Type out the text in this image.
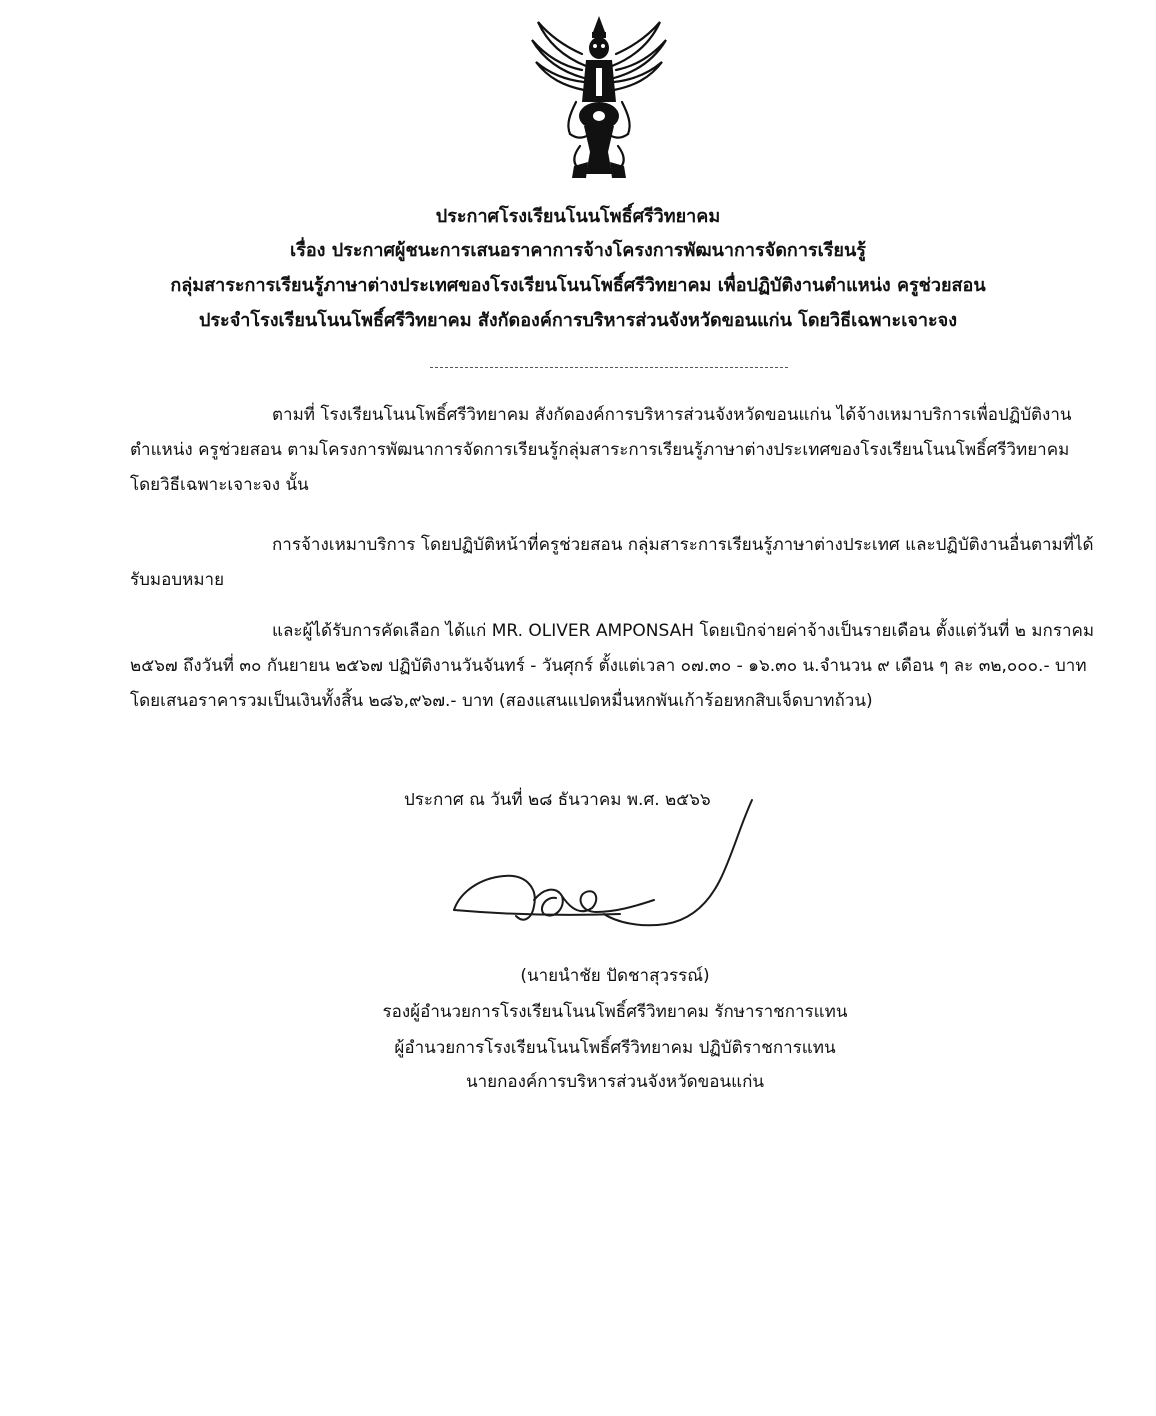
ประกาศโรงเรียนโนนโพธิ์ศรีวิทยาคม
เรื่อง ประกาศผู้ชนะการเสนอราคาการจ้างโครงการพัฒนาการจัดการเรียนรู้
กลุ่มสาระการเรียนรู้ภาษาต่างประเทศของโรงเรียนโนนโพธิ์ศรีวิทยาคม เพื่อปฏิบัติงานตำแหน่ง ครูช่วยสอน
ประจำโรงเรียนโนนโพธิ์ศรีวิทยาคม สังกัดองค์การบริหารส่วนจังหวัดขอนแก่น โดยวิธีเฉพาะเจาะจง
ตามที่ โรงเรียนโนนโพธิ์ศรีวิทยาคม สังกัดองค์การบริหารส่วนจังหวัดขอนแก่น ได้จ้างเหมาบริการเพื่อปฏิบัติงานตำแหน่ง ครูช่วยสอน ตามโครงการพัฒนาการจัดการเรียนรู้กลุ่มสาระการเรียนรู้ภาษาต่างประเทศของโรงเรียนโนนโพธิ์ศรีวิทยาคม โดยวิธีเฉพาะเจาะจง นั้น
การจ้างเหมาบริการ โดยปฏิบัติหน้าที่ครูช่วยสอน กลุ่มสาระการเรียนรู้ภาษาต่างประเทศ และปฏิบัติงานอื่นตามที่ได้รับมอบหมาย
และผู้ได้รับการคัดเลือก ได้แก่ MR. OLIVER AMPONSAH โดยเบิกจ่ายค่าจ้างเป็นรายเดือน ตั้งแต่วันที่ ๒ มกราคม ๒๕๖๗ ถึงวันที่ ๓๐ กันยายน ๒๕๖๗ ปฏิบัติงานวันจันทร์ - วันศุกร์ ตั้งแต่เวลา ๐๗.๓๐ - ๑๖.๓๐ น.จำนวน ๙ เดือน ๆ ละ ๓๒,๐๐๐.- บาท โดยเสนอราคารวมเป็นเงินทั้งสิ้น ๒๘๖,๙๖๗.- บาท (สองแสนแปดหมื่นหกพันเก้าร้อยหกสิบเจ็ดบาทถ้วน)
ประกาศ ณ วันที่ ๒๘ ธันวาคม พ.ศ. ๒๕๖๖
(นายนำชัย ปัดชาสุวรรณ์)
รองผู้อำนวยการโรงเรียนโนนโพธิ์ศรีวิทยาคม รักษาราชการแทน
ผู้อำนวยการโรงเรียนโนนโพธิ์ศรีวิทยาคม ปฏิบัติราชการแทน
นายกองค์การบริหารส่วนจังหวัดขอนแก่น
